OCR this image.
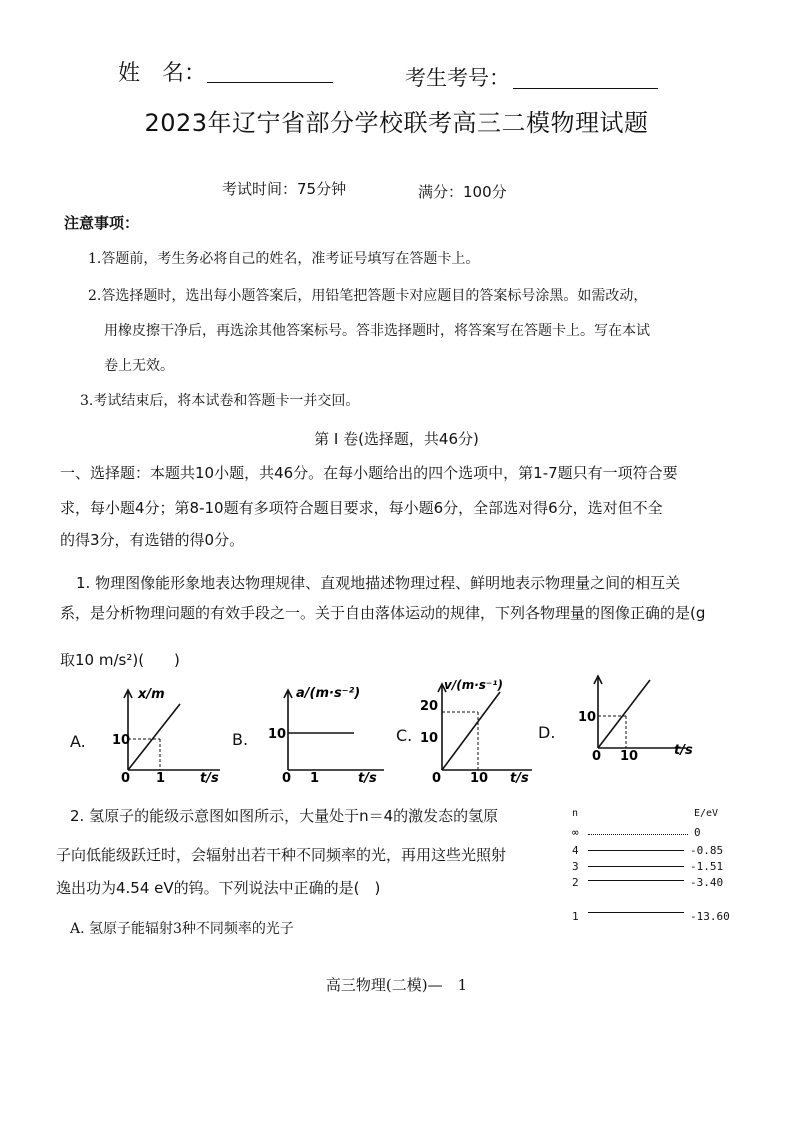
姓　名：	考生考号：
2023年辽宁省部分学校联考高三二模物理试题
考试时间：75分钟	满分：100分
注意事项：
1.答题前，考生务必将自己的姓名，准考证号填写在答题卡上。
2.答选择题时，选出每小题答案后，用铅笔把答题卡对应题目的答案标号涂黑。如需改动，
用橡皮擦干净后，再选涂其他答案标号。答非选择题时，将答案写在答题卡上。写在本试
卷上无效。
3.考试结束后，将本试卷和答题卡一并交回。
第 I 卷(选择题，共46分)
一、选择题：本题共10小题，共46分。在每小题给出的四个选项中，第1-7题只有一项符合要
求，每小题4分；第8-10题有多项符合题目要求，每小题6分，全部选对得6分，选对但不全
的得3分，有选错的得0分。
1. 物理图像能形象地表达物理规律、直观地描述物理过程、鲜明地表示物理量之间的相互关
系，是分析物理问题的有效手段之一。关于自由落体运动的规律，下列各物理量的图像正确的是(g
取10 m/s²)(　　)
A.
x/m
10
0 1	t/s
B.
a/(m·s⁻²)
10
0 1	t/s
C.
v/(m·s⁻¹)
20
10
0 10 t/s
D.
10
0 10	t/s
2. 氢原子的能级示意图如图所示，大量处于n＝4的激发态的氢原
子向低能级跃迁时，会辐射出若干种不同频率的光，再用这些光照射
逸出功为4.54 eV的钨。下列说法中正确的是(　)
A. 氢原子能辐射3种不同频率的光子
n	E/eV
∞	0
4	-0.85
3	-1.51
2	-3.40
1	-13.60
高三物理(二模)—　1
